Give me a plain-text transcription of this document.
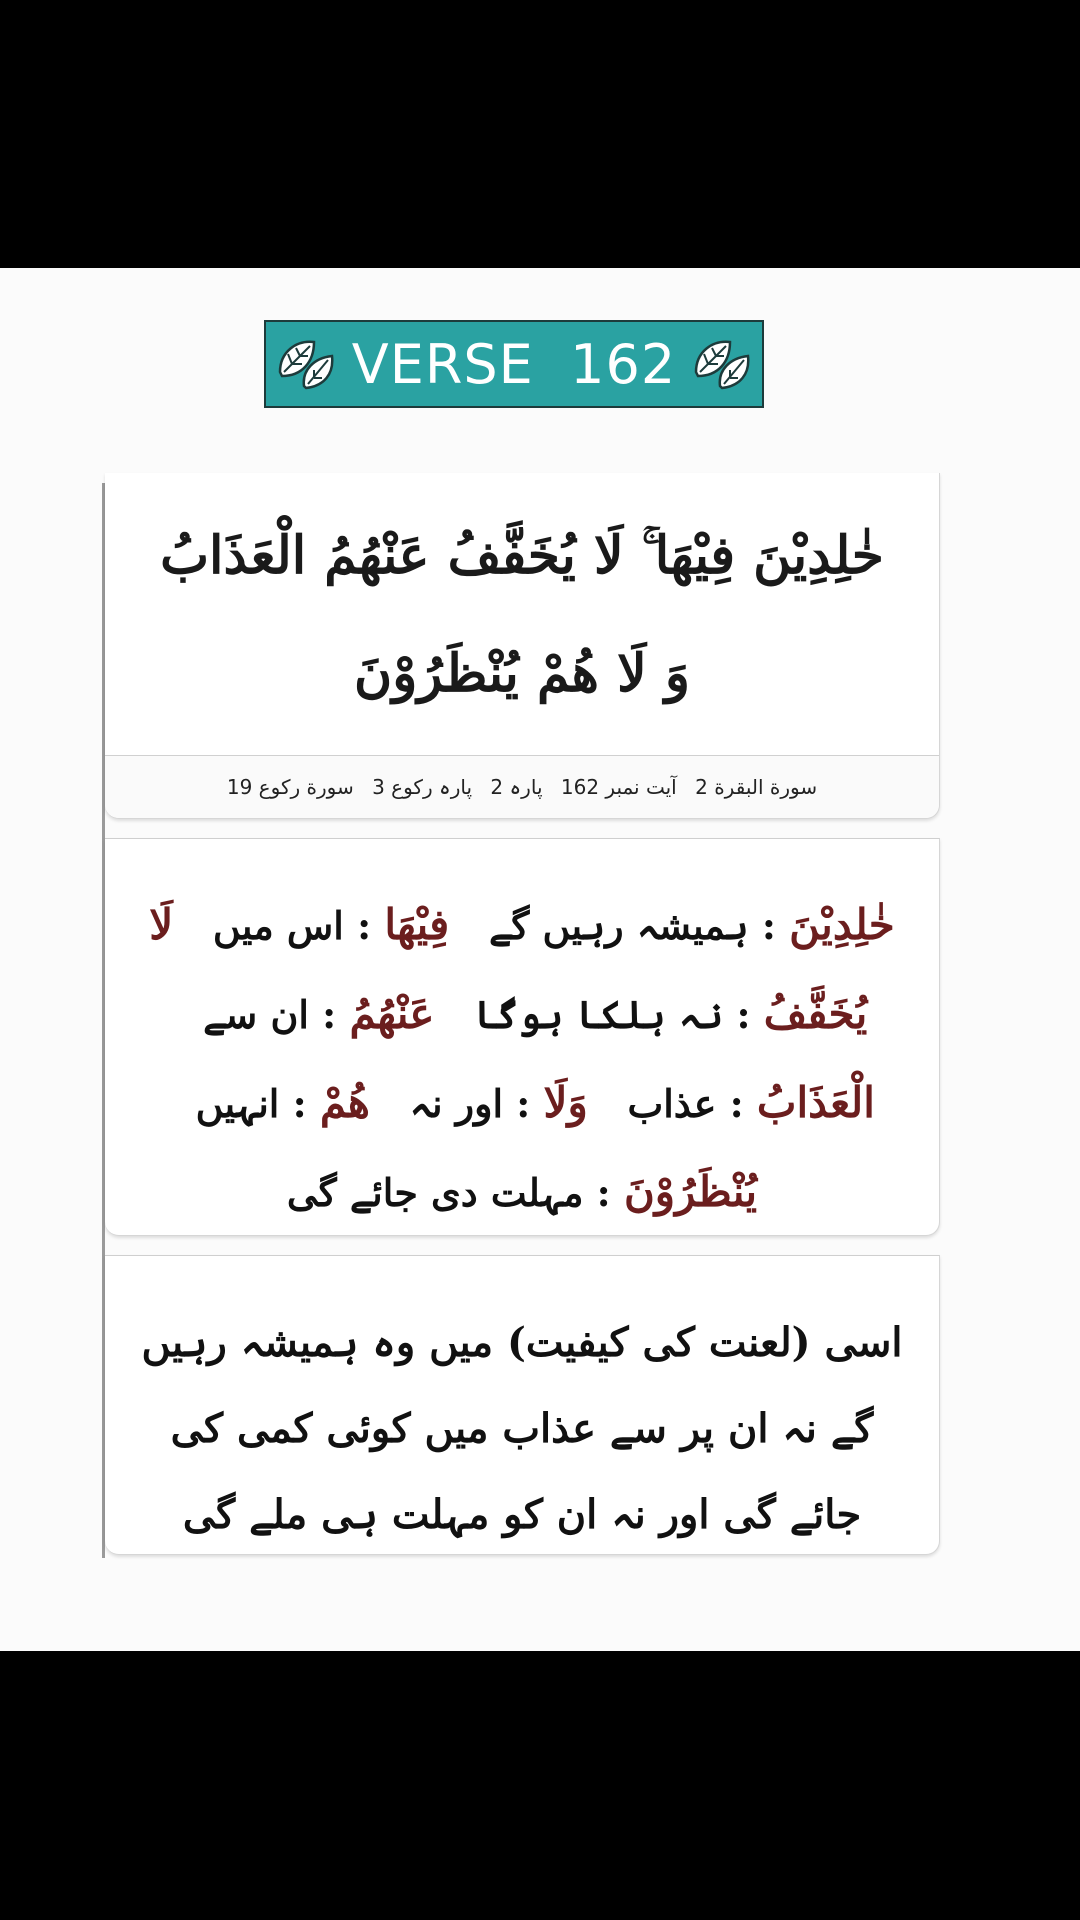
VERSE  162
خٰلِدِيْنَ فِيْهَا ۚ لَا يُخَفَّفُ عَنْهُمُ الْعَذَابُ وَ لَا هُمْ يُنْظَرُوْنَ
سورة البقرة 2 آیت نمبر 162 پارہ 2 پارہ رکوع 3 سورة رکوع 19
خٰلِدِيْنَ : ہمیشہ رہیں گے   فِيْهَا : اس میں   لَا يُخَفَّفُ : نہ ہلکا ہوگا   عَنْهُمُ : ان سے   الْعَذَابُ : عذاب   وَلَا : اور نہ   هُمْ : انہیں   يُنْظَرُوْنَ : مہلت دی جائے گی
اسی (لعنت کی کیفیت) میں وہ ہمیشہ رہیں گے نہ ان پر سے عذاب میں کوئی کمی کی جائے گی اور نہ ان کو مہلت ہی ملے گی
